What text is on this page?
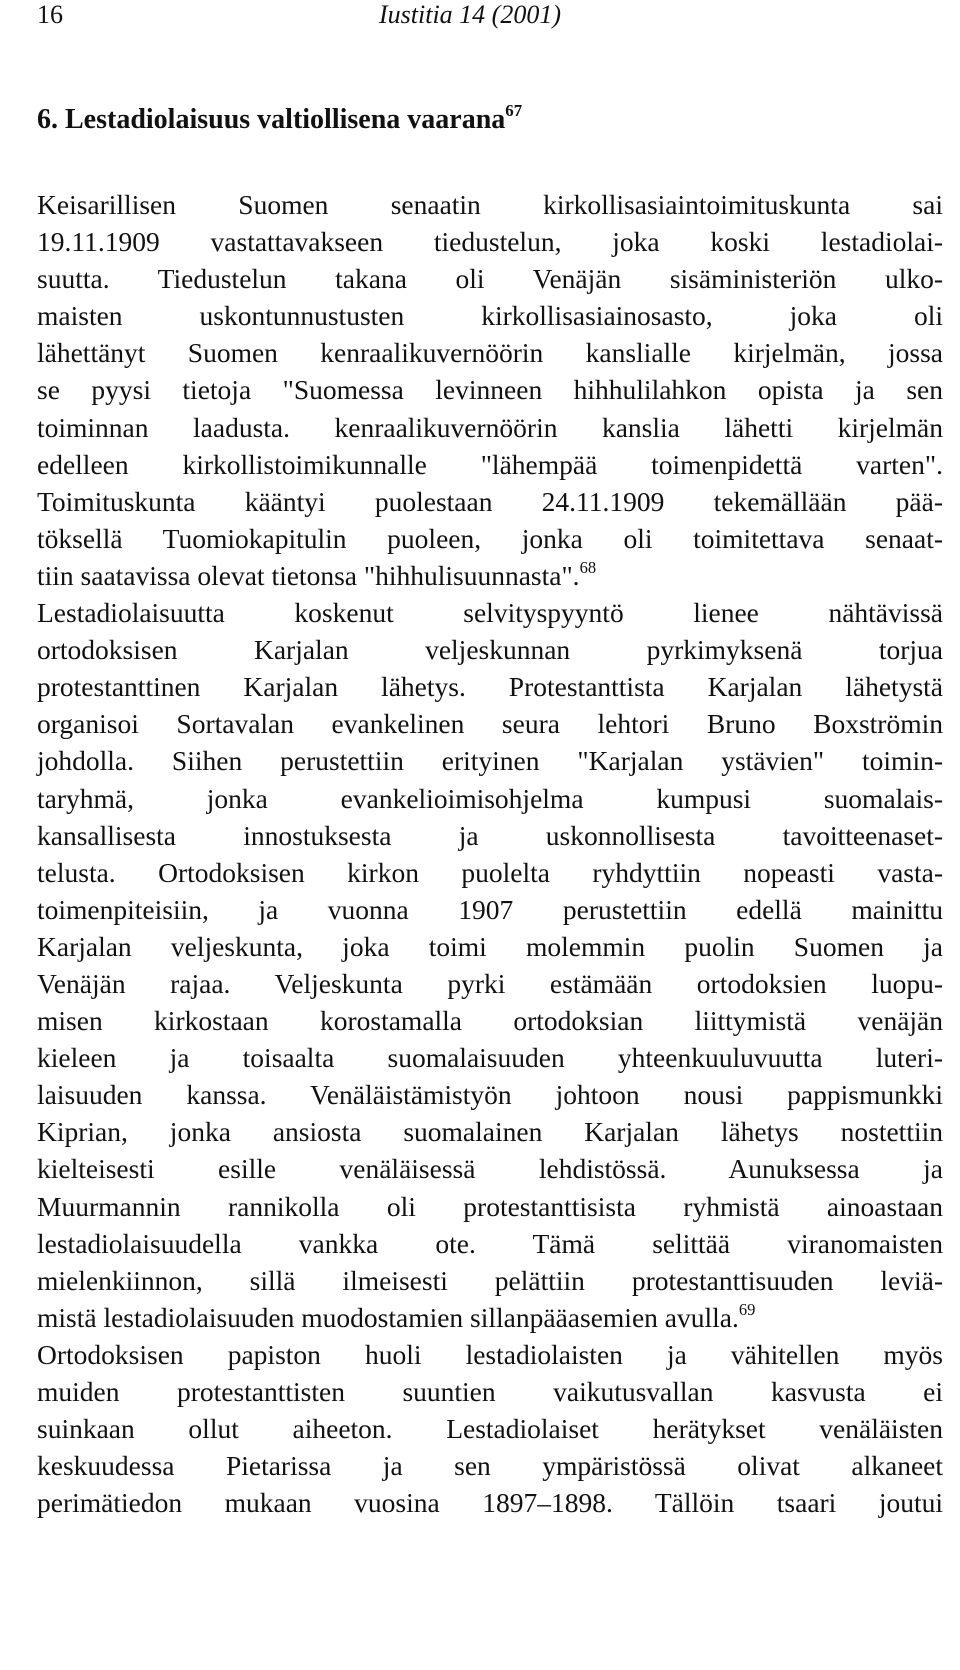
16	Iustitia 14 (2001)
6. Lestadiolaisuus valtiollisena vaarana$^{67}$
Keisarillisen Suomen senaatin kirkollisasiaintoimituskunta sai
19.11.1909 vastattavakseen tiedustelun, joka koski lestadiolai-
suutta. Tiedustelun takana oli Venäjän sisäministeriön ulko-
maisten uskontunnustusten kirkollisasiainosasto, joka oli
lähettänyt Suomen kenraalikuvernöörin kanslialle kirjelmän, jossa
se pyysi tietoja "Suomessa levinneen hihhulilahkon opista ja sen
toiminnan laadusta. kenraalikuvernöörin kanslia lähetti kirjelmän
edelleen kirkollistoimikunnalle "lähempää toimenpidettä varten".
Toimituskunta kääntyi puolestaan 24.11.1909 tekemällään pää-
töksellä Tuomiokapitulin puoleen, jonka oli toimitettava senaat-
tiin saatavissa olevat tietonsa "hihhulisuunnasta".$^{68}$
Lestadiolaisuutta koskenut selvityspyyntö lienee nähtävissä
ortodoksisen Karjalan veljeskunnan pyrkimyksenä torjua
protestanttinen Karjalan lähetys. Protestanttista Karjalan lähetystä
organisoi Sortavalan evankelinen seura lehtori Bruno Boxströmin
johdolla. Siihen perustettiin erityinen "Karjalan ystävien" toimin-
taryhmä, jonka evankelioimisohjelma kumpusi suomalais-
kansallisesta innostuksesta ja uskonnollisesta tavoitteenaset-
telusta. Ortodoksisen kirkon puolelta ryhdyttiin nopeasti vasta-
toimenpiteisiin, ja vuonna 1907 perustettiin edellä mainittu
Karjalan veljeskunta, joka toimi molemmin puolin Suomen ja
Venäjän rajaa. Veljeskunta pyrki estämään ortodoksien luopu-
misen kirkostaan korostamalla ortodoksian liittymistä venäjän
kieleen ja toisaalta suomalaisuuden yhteenkuuluvuutta luteri-
laisuuden kanssa. Venäläistämistyön johtoon nousi pappismunkki
Kiprian, jonka ansiosta suomalainen Karjalan lähetys nostettiin
kielteisesti esille venäläisessä lehdistössä. Aunuksessa ja
Muurmannin rannikolla oli protestanttisista ryhmistä ainoastaan
lestadiolaisuudella vankka ote. Tämä selittää viranomaisten
mielenkiinnon, sillä ilmeisesti pelättiin protestanttisuuden leviä-
mistä lestadiolaisuuden muodostamien sillanpääasemien avulla.$^{69}$
Ortodoksisen papiston huoli lestadiolaisten ja vähitellen myös
muiden protestanttisten suuntien vaikutusvallan kasvusta ei
suinkaan ollut aiheeton. Lestadiolaiset herätykset venäläisten
keskuudessa Pietarissa ja sen ympäristössä olivat alkaneet
perimätiedon mukaan vuosina 1897–1898. Tällöin tsaari joutui
